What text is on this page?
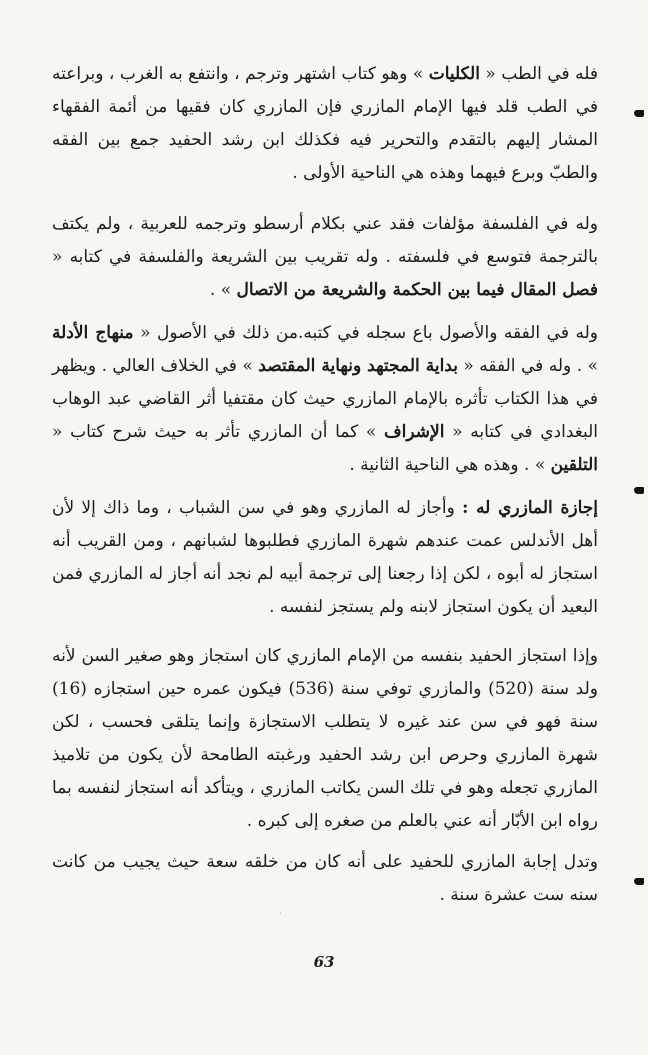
فله في الطب « الكليات » وهو كتاب اشتهر وترجم ، وانتفع به الغرب ، وبراعته في الطب قلد فيها الإمام المازري فإن المازري كان فقيها من أئمة الفقهاء المشار إليهم بالتقدم والتحرير فيه فكذلك ابن رشد الحفيد جمع بين الفقه والطبّ وبرع فيهما وهذه هي الناحية الأولى .

وله في الفلسفة مؤلفات فقد عني بكلام أرسطو وترجمه للعربية ، ولم يكتف بالترجمة فتوسع في فلسفته . وله تقريب بين الشريعة والفلسفة في كتابه « فصل المقال فيما بين الحكمة والشريعة من الاتصال » .

وله في الفقه والأصول باع سجله في كتبه.من ذلك في الأصول « منهاج الأدلة » . وله في الفقه « بداية المجتهد ونهاية المقتصد » في الخلاف العالي . ويظهر في هذا الكتاب تأثره بالإمام المازري حيث كان مقتفيا أثر القاضي عبد الوهاب البغدادي في كتابه « الإشراف » كما أن المازري تأثر به حيث شرح كتاب « التلقين » . وهذه هي الناحية الثانية .

إجازة المازري له : وأجاز له المازري وهو في سن الشباب ، وما ذاك إلا لأن أهل الأندلس عمت عندهم شهرة المازري فطلبوها لشبانهم ، ومن القريب أنه استجاز له أبوه ، لكن إذا رجعنا إلى ترجمة أبيه لم نجد أنه أجاز له المازري فمن البعيد أن يكون استجاز لابنه ولم يستجز لنفسه .

وإذا استجاز الحفيد بنفسه من الإمام المازري كان استجاز وهو صغير السن لأنه ولد سنة (520) والمازري توفي سنة (536) فيكون عمره حين استجازه (16) سنة فهو في سن عند غيره لا يتطلب الاستجازة وإنما يتلقى فحسب ، لكن شهرة المازري وحرص ابن رشد الحفيد ورغبته الطامحة لأن يكون من تلاميذ المازري تجعله وهو في تلك السن يكاتب المازري ، ويتأكد أنه استجاز لنفسه بما رواه ابن الأبّار أنه عني بالعلم من صغره إلى كبره .

وتدل إجابة المازري للحفيد على أنه كان من خلقه سعة حيث يجيب من كانت سنه ست عشرة سنة .

·
63
